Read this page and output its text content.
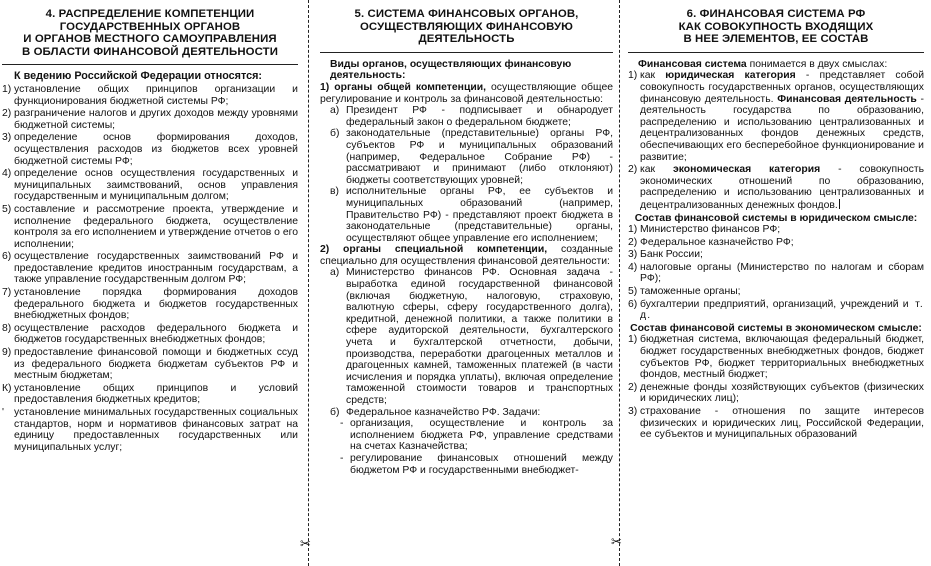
✂	✂
4. РАСПРЕДЕЛЕНИЕ КОМПЕТЕНЦИИ
ГОСУДАРСТВЕННЫХ ОРГАНОВ
И ОРГАНОВ МЕСТНОГО САМОУПРАВЛЕНИЯ
В ОБЛАСТИ ФИНАНСОВОЙ ДЕЯТЕЛЬНОСТИ
К ведению Российской Федерации относятся:
1) установление общих принципов организации и функционирования бюджетной системы РФ;
2) разграничение налогов и других доходов между уровнями бюджетной системы;
3) определение основ формирования доходов, осуществления расходов из бюджетов всех уровней бюджетной системы РФ;
4) определение основ осуществления государственных и муниципальных заимствований, основ управления государственным и муниципальным долгом;
5) составление и рассмотрение проекта, утверждение и исполнение федерального бюджета, осуществление контроля за его исполнением и утверждение отчетов о его исполнении;
6) осуществление государственных заимствований РФ и предоставление кредитов иностранным государствам, а также управление государственным долгом РФ;
7) установление порядка формирования доходов федерального бюджета и бюджетов государственных внебюджетных фондов;
8) осуществление расходов федерального бюджета и бюджетов государственных внебюджетных фондов;
9) предоставление финансовой помощи и бюджетных ссуд из федерального бюджета бюджетам субъектов РФ и местным бюджетам;
К) установление общих принципов и условий предоставления бюджетных кредитов;
' установление минимальных государственных социальных стандартов, норм и нормативов финансовых затрат на единицу предоставленных государственных или муниципальных услуг;
5. СИСТЕМА ФИНАНСОВЫХ ОРГАНОВ,
ОСУЩЕСТВЛЯЮЩИХ ФИНАНСОВУЮ
ДЕЯТЕЛЬНОСТЬ
Виды органов, осуществляющих финансовую деятельность:
1) органы общей компетенции, осуществляющие общее регулирование и контроль за финансовой деятельностью:
а) Президент РФ - подписывает и обнародует федеральный закон о федеральном бюджете;
б) законодательные (представительные) органы РФ, субъектов РФ и муниципальных образований (например, Федеральное Собрание РФ) - рассматривают и принимают (либо отклоняют) бюджеты соответствующих уровней;
в) исполнительные органы РФ, ее субъектов и муниципальных образований (например, Правительство РФ) - представляют проект бюджета в законодательные (представительные) органы, осуществляют общее управление его исполнением;
2) органы специальной компетенции, созданные специально для осуществления финансовой деятельности:
а) Министерство финансов РФ. Основная задача - выработка единой государственной финансовой (включая бюджетную, налоговую, страховую, валютную сферы, сферу государственного долга), кредитной, денежной политики, а также политики в сфере аудиторской деятельности, бухгалтерского учета и бухгалтерской отчетности, добычи, производства, переработки драгоценных металлов и драгоценных камней, таможенных платежей (в части исчисления и порядка уплаты), включая определение таможенной стоимости товаров и транспортных средств;
б) Федеральное казначейство РФ. Задачи:
- организация, осуществление и контроль за исполнением бюджета РФ, управление средствами на счетах Казначейства;
- регулирование финансовых отношений между бюджетом РФ и государственными внебюджет-
6. ФИНАНСОВАЯ СИСТЕМА РФ
КАК СОВОКУПНОСТЬ ВХОДЯЩИХ
В НЕЕ ЭЛЕМЕНТОВ, ЕЕ СОСТАВ
Финансовая система понимается в двух смыслах:
1) как юридическая категория - представляет собой совокупность государственных органов, осуществляющих финансовую деятельность. Финансовая деятельность - деятельность государства по образованию, распределению и использованию централизованных и децентрализованных фондов денежных средств, обеспечивающих его бесперебойное функционирование и развитие;
2) как экономическая категория - совокупность экономических отношений по образованию, распределению и использованию централизованных и децентрализованных денежных фондов.
Состав финансовой системы в юридическом смысле:
1) Министерство финансов РФ;
2) Федеральное казначейство РФ;
3) Банк России;
4) налоговые органы (Министерство по налогам и сборам РФ);
5) таможенные органы;
6) бухгалтерии предприятий, организаций, учреждений и т. д.
Состав финансовой системы в экономическом смысле:
1) бюджетная система, включающая федеральный бюджет, бюджет государственных внебюджетных фондов, бюджет субъектов РФ, бюджет территориальных внебюджетных фондов, местный бюджет;
2) денежные фонды хозяйствующих субъектов (физических и юридических лиц);
3) страхование - отношения по защите интересов физических и юридических лиц, Российской Федерации, ее субъектов и муниципальных образований
